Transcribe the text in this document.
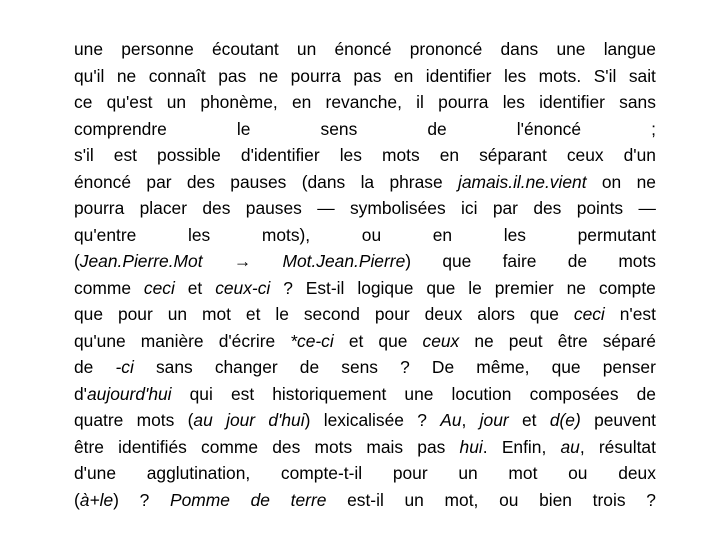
une personne écoutant un énoncé prononcé dans une langue
qu'il ne connaît pas ne pourra pas en identifier les mots. S'il sait
ce qu'est un phonème, en revanche, il pourra les identifier sans
comprendre	le	sens	de	l'énoncé	;
s'il est possible d'identifier les mots en séparant ceux d'un
énoncé par des pauses (dans la phrase jamais.il.ne.vient on ne
pourra placer des pauses — symbolisées ici par des points —
qu'entre	les	mots),	ou	en	les	permutant
(Jean.Pierre.Mot → Mot.Jean.Pierre) que faire de mots
comme ceci et ceux-ci ? Est-il logique que le premier ne compte
que pour un mot et le second pour deux alors que ceci n'est
qu'une manière d'écrire *ce-ci et que ceux ne peut être séparé
de -ci sans changer de sens ? De même, que penser
d'aujourd'hui qui est historiquement une locution composées de
quatre mots (au jour d'hui) lexicalisée ? Au, jour et d(e) peuvent
être identifiés comme des mots mais pas hui. Enfin, au, résultat
d'une agglutination, compte-t-il pour un mot ou deux
(à+le) ? Pomme de terre est-il un mot, ou bien trois ?
